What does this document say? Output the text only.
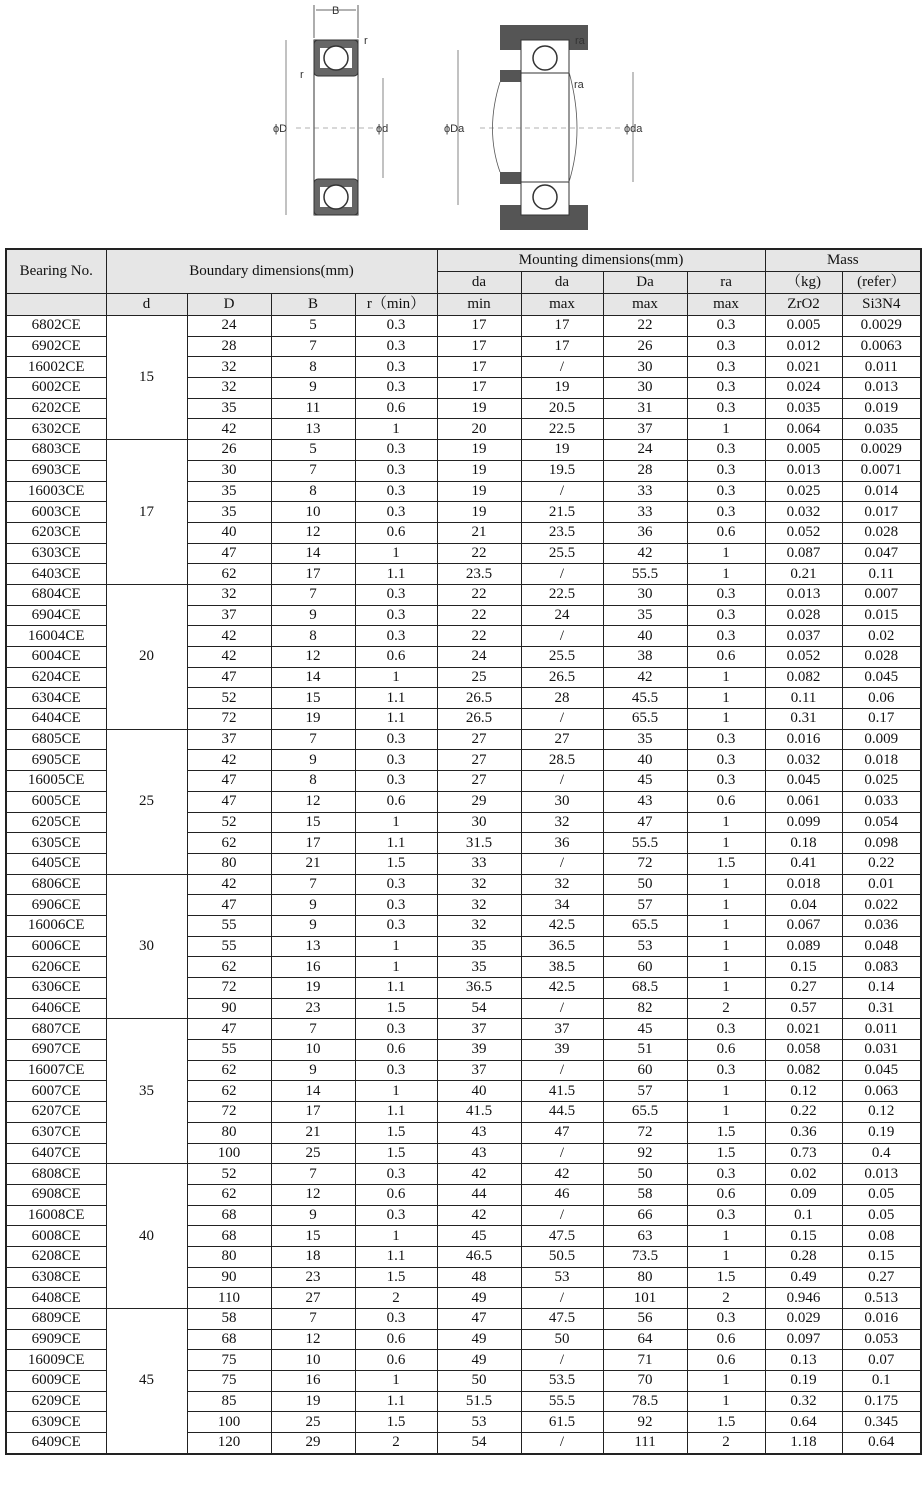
B
r
r
ϕD	ϕd	ϕDa	ϕda
ra
ra
Bearing No.	Boundary dimensions(mm)				Mounting dimensions(mm)				Mass	
					da	da	Da	ra	（kg)	(refer）
	d	D	B	r（min）	min	max	max	max	ZrO2	Si3N4
6802CE	15	24	5	0.3	17	17	22	0.3	0.005	0.0029
6902CE		28	7	0.3	17	17	26	0.3	0.012	0.0063
16002CE		32	8	0.3	17	/	30	0.3	0.021	0.011
6002CE		32	9	0.3	17	19	30	0.3	0.024	0.013
6202CE		35	11	0.6	19	20.5	31	0.3	0.035	0.019
6302CE		42	13	1	20	22.5	37	1	0.064	0.035
6803CE	17	26	5	0.3	19	19	24	0.3	0.005	0.0029
6903CE		30	7	0.3	19	19.5	28	0.3	0.013	0.0071
16003CE		35	8	0.3	19	/	33	0.3	0.025	0.014
6003CE		35	10	0.3	19	21.5	33	0.3	0.032	0.017
6203CE		40	12	0.6	21	23.5	36	0.6	0.052	0.028
6303CE		47	14	1	22	25.5	42	1	0.087	0.047
6403CE		62	17	1.1	23.5	/	55.5	1	0.21	0.11
6804CE	20	32	7	0.3	22	22.5	30	0.3	0.013	0.007
6904CE		37	9	0.3	22	24	35	0.3	0.028	0.015
16004CE		42	8	0.3	22	/	40	0.3	0.037	0.02
6004CE		42	12	0.6	24	25.5	38	0.6	0.052	0.028
6204CE		47	14	1	25	26.5	42	1	0.082	0.045
6304CE		52	15	1.1	26.5	28	45.5	1	0.11	0.06
6404CE		72	19	1.1	26.5	/	65.5	1	0.31	0.17
6805CE	25	37	7	0.3	27	27	35	0.3	0.016	0.009
6905CE		42	9	0.3	27	28.5	40	0.3	0.032	0.018
16005CE		47	8	0.3	27	/	45	0.3	0.045	0.025
6005CE		47	12	0.6	29	30	43	0.6	0.061	0.033
6205CE		52	15	1	30	32	47	1	0.099	0.054
6305CE		62	17	1.1	31.5	36	55.5	1	0.18	0.098
6405CE		80	21	1.5	33	/	72	1.5	0.41	0.22
6806CE	30	42	7	0.3	32	32	50	1	0.018	0.01
6906CE		47	9	0.3	32	34	57	1	0.04	0.022
16006CE		55	9	0.3	32	42.5	65.5	1	0.067	0.036
6006CE		55	13	1	35	36.5	53	1	0.089	0.048
6206CE		62	16	1	35	38.5	60	1	0.15	0.083
6306CE		72	19	1.1	36.5	42.5	68.5	1	0.27	0.14
6406CE		90	23	1.5	54	/	82	2	0.57	0.31
6807CE	35	47	7	0.3	37	37	45	0.3	0.021	0.011
6907CE		55	10	0.6	39	39	51	0.6	0.058	0.031
16007CE		62	9	0.3	37	/	60	0.3	0.082	0.045
6007CE		62	14	1	40	41.5	57	1	0.12	0.063
6207CE		72	17	1.1	41.5	44.5	65.5	1	0.22	0.12
6307CE		80	21	1.5	43	47	72	1.5	0.36	0.19
6407CE		100	25	1.5	43	/	92	1.5	0.73	0.4
6808CE	40	52	7	0.3	42	42	50	0.3	0.02	0.013
6908CE		62	12	0.6	44	46	58	0.6	0.09	0.05
16008CE		68	9	0.3	42	/	66	0.3	0.1	0.05
6008CE		68	15	1	45	47.5	63	1	0.15	0.08
6208CE		80	18	1.1	46.5	50.5	73.5	1	0.28	0.15
6308CE		90	23	1.5	48	53	80	1.5	0.49	0.27
6408CE		110	27	2	49	/	101	2	0.946	0.513
6809CE	45	58	7	0.3	47	47.5	56	0.3	0.029	0.016
6909CE		68	12	0.6	49	50	64	0.6	0.097	0.053
16009CE		75	10	0.6	49	/	71	0.6	0.13	0.07
6009CE		75	16	1	50	53.5	70	1	0.19	0.1
6209CE		85	19	1.1	51.5	55.5	78.5	1	0.32	0.175
6309CE		100	25	1.5	53	61.5	92	1.5	0.64	0.345
6409CE		120	29	2	54	/	111	2	1.18	0.64
